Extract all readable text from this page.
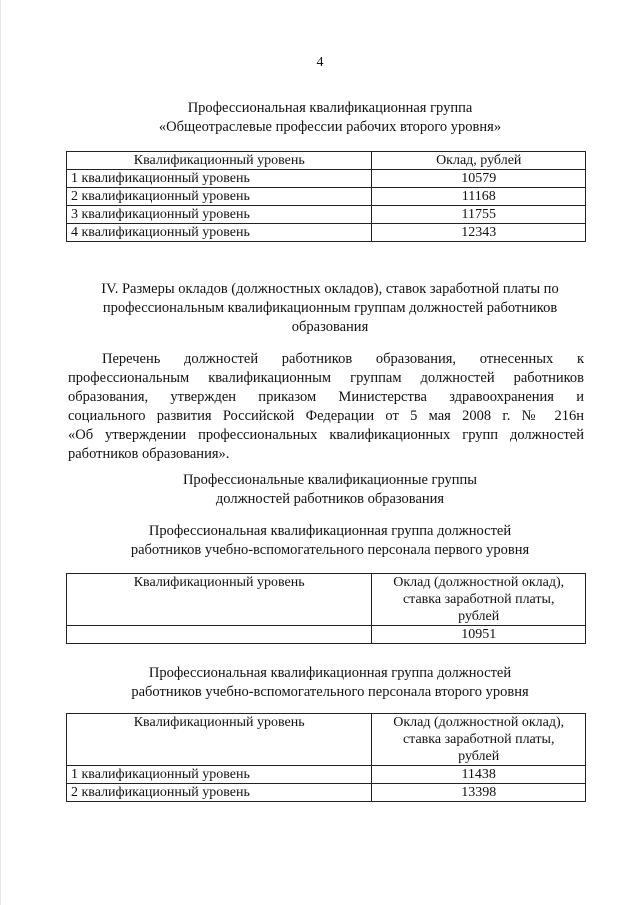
4
Профессиональная квалификационная группа
«Общеотраслевые профессии рабочих второго уровня»
Квалификационный уровень	Оклад, рублей
1 квалификационный уровень	10579
2 квалификационный уровень	11168
3 квалификационный уровень	11755
4 квалификационный уровень	12343
IV. Размеры окладов (должностных окладов), ставок заработной платы по
профессиональным квалификационным группам должностей работников
образования
Перечень должностей работников образования, отнесенных к
профессиональным квалификационным группам должностей работников
образования, утвержден приказом Министерства здравоохранения и
социального развития Российской Федерации от 5 мая 2008 г. № 216н
«Об утверждении профессиональных квалификационных групп должностей
работников образования».
Профессиональные квалификационные группы
должностей работников образования
Профессиональная квалификационная группа должностей
работников учебно-вспомогательного персонала первого уровня
Квалификационный уровень	Оклад (должностной оклад),
ставка заработной платы,
рублей

	10951
Профессиональная квалификационная группа должностей
работников учебно-вспомогательного персонала второго уровня
Квалификационный уровень	Оклад (должностной оклад),
ставка заработной платы,
рублей

1 квалификационный уровень	11438
2 квалификационный уровень	13398
